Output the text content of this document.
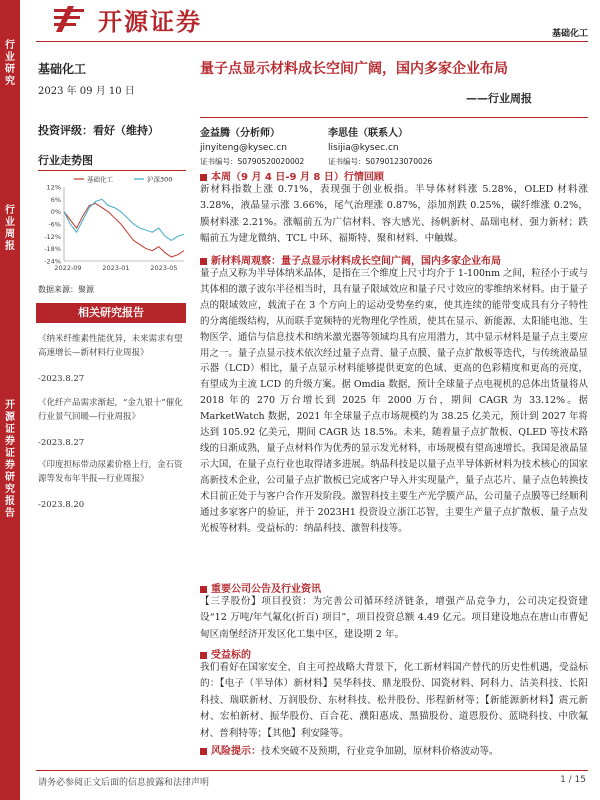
行业研究
行业周报
开源证券 证券研究报告
开源证券	基础化工
基础化工
2023 年 09 月 10 日
投资评级：看好（维持）
行业走势图
12%
6%
0%
-6%
-12%
-18%
-24%
2022-09	2023-01	2023-05
基础化工	沪深300
数据来源：聚源
相关研究报告
《纳米纤维素性能优异，未来需求有望高速增长—新材料行业周报》
-2023.8.27
《化纤产品需求渐起，“金九银十”催化行业景气回暖—行业周报》
-2023.8.27
《印度担标带动尿素价格上行，金石资源等发布年半报—行业周报》
-2023.8.20
量子点显示材料成长空间广阔，国内多家企业布局
——行业周报
金益腾（分析师）
jinyiteng@kysec.cn
证书编号：S0790520020002
李思佳（联系人）
lisijia@kysec.cn
证书编号：S0790123070026
本周（9 月 4 日-9 月 8 日）行情回顾
新材料指数上涨 0.71%，表现强于创业板指。半导体材料涨 5.28%，OLED 材料涨 3.28%，液晶显示涨 3.66%，尾气治理涨 0.87%，添加剂跌 0.25%，碳纤维涨 0.2%，膜材料涨 2.21%。涨幅前五为广信材料、容大感光、扬帆新材、晶瑞电材、强力新材；跌幅前五为建龙微纳、TCL 中环、福斯特、聚和材料、中触媒。
新材料周观察：量子点显示材料成长空间广阔，国内多家企业布局
量子点又称为半导体纳米晶体，是指在三个维度上尺寸均介于 1-100nm 之间，粒径小于或与其体相的激子波尔半径相当时，具有量子限域效应和量子尺寸效应的零维纳米材料。由于量子点的限域效应，载流子在 3 个方向上的运动受势垒约束，使其连续的能带变成具有分子特性的分离能级结构，从而联手宽频特的光物理化学性质，使其在显示、新能源、太阳能电池、生物医学、通信与信息技术和纳米激光器等领域均具有应用潜力，其中显示材料是量子点主要应用之一。量子点显示技术依次经过量子点背、量子点膜、量子点扩散板等迭代，与传统液晶显示器（LCD）相比，量子点显示材料能够提供更宽的色域、更高的色彩精度和更高的亮度，有望成为主流 LCD 的升级方案。据 Omdia 数据，预计全球量子点电视机的总体出货量将从 2018 年的 270 万台增长到 2025 年 2000 万台，期间 CAGR 为 33.12%。据 MarketWatch 数据，2021 年全球量子点市场规模约为 38.25 亿美元，预计到 2027 年将达到 105.92 亿美元，期间 CAGR 达 18.5%。未来，随着量子点扩散板、QLED 等技术路线的日渐成熟，量子点材料作为优秀的显示发光材料，市场规模有望高速增长。我国是液晶显示大国，在量子点行业也取得诸多进展。纳晶科技是以量子点半导体新材料为技术核心的国家高新技术企业，公司量子点扩散板已完成客户导入并实现量产，量子点芯片、量子点色转换技术目前正处于与客户合作开发阶段。激智科技主要生产光学膜产品，公司量子点膜等已经顺利通过多家客户的验证，并于 2023H1 投资设立浙江芯智，主要生产量子点扩散板、量子点发光板等材料。受益标的：纳晶科技、激智科技等。
重要公司公告及行业资讯
【三孚股份】项目投资：为完善公司循环经济链条，增强产品竞争力，公司决定投资建设“12 万吨/年气氟化(折百) 项目”，项目投资总额 4.49 亿元。项目建设地点在唐山市曹妃甸区南堡经济开发区化工集中区，建设期 2 年。
受益标的
我们看好在国家安全、自主可控战略大背景下，化工新材料国产替代的历史性机遇，受益标的：【电子（半导体）新材料】昊华科技、鼎龙股份、国瓷材料、阿科力、洁美科技、长阳科技、瑞联新材、万润股份、东材科技、松井股份、彤程新材等；【新能源新材料】震元新材、宏柏新材、振华股份、百合花、濮阳惠成、黑猫股份、道恩股份、蓝晓科技、中欣氟材、普利特等；【其他】利安隆等。
风险提示：技术突破不及预期，行业竞争加剧，原材料价格波动等。
请务必参阅正文后面的信息披露和法律声明	1 / 15
